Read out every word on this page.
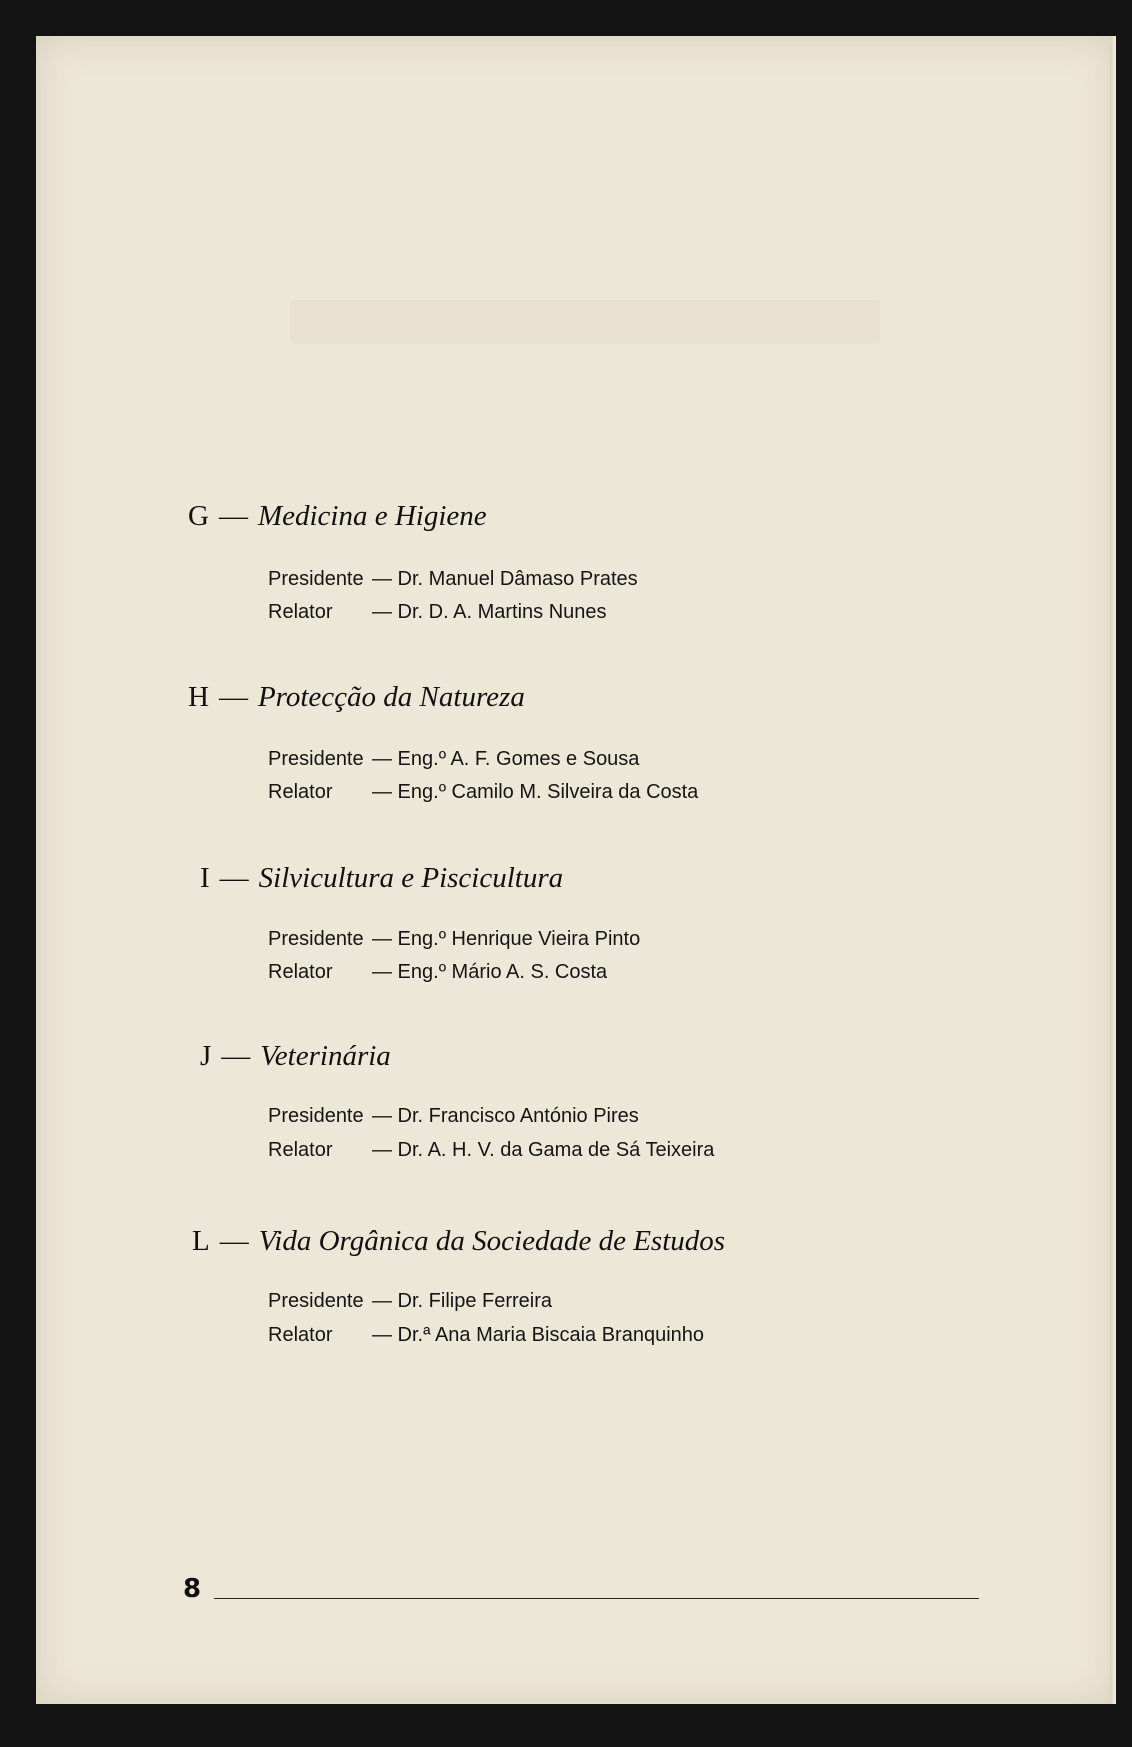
G — Medicina e Higiene
Presidente — Dr. Manuel Dâmaso Prates
Relator — Dr. D. A. Martins Nunes
H — Protecção da Natureza
Presidente — Eng.º A. F. Gomes e Sousa
Relator — Eng.º Camilo M. Silveira da Costa
I — Silvicultura e Piscicultura
Presidente — Eng.º Henrique Vieira Pinto
Relator — Eng.º Mário A. S. Costa
J — Veterinária
Presidente — Dr. Francisco António Pires
Relator — Dr. A. H. V. da Gama de Sá Teixeira
L — Vida Orgânica da Sociedade de Estudos
Presidente — Dr. Filipe Ferreira
Relator — Dr.ª Ana Maria Biscaia Branquinho
8
